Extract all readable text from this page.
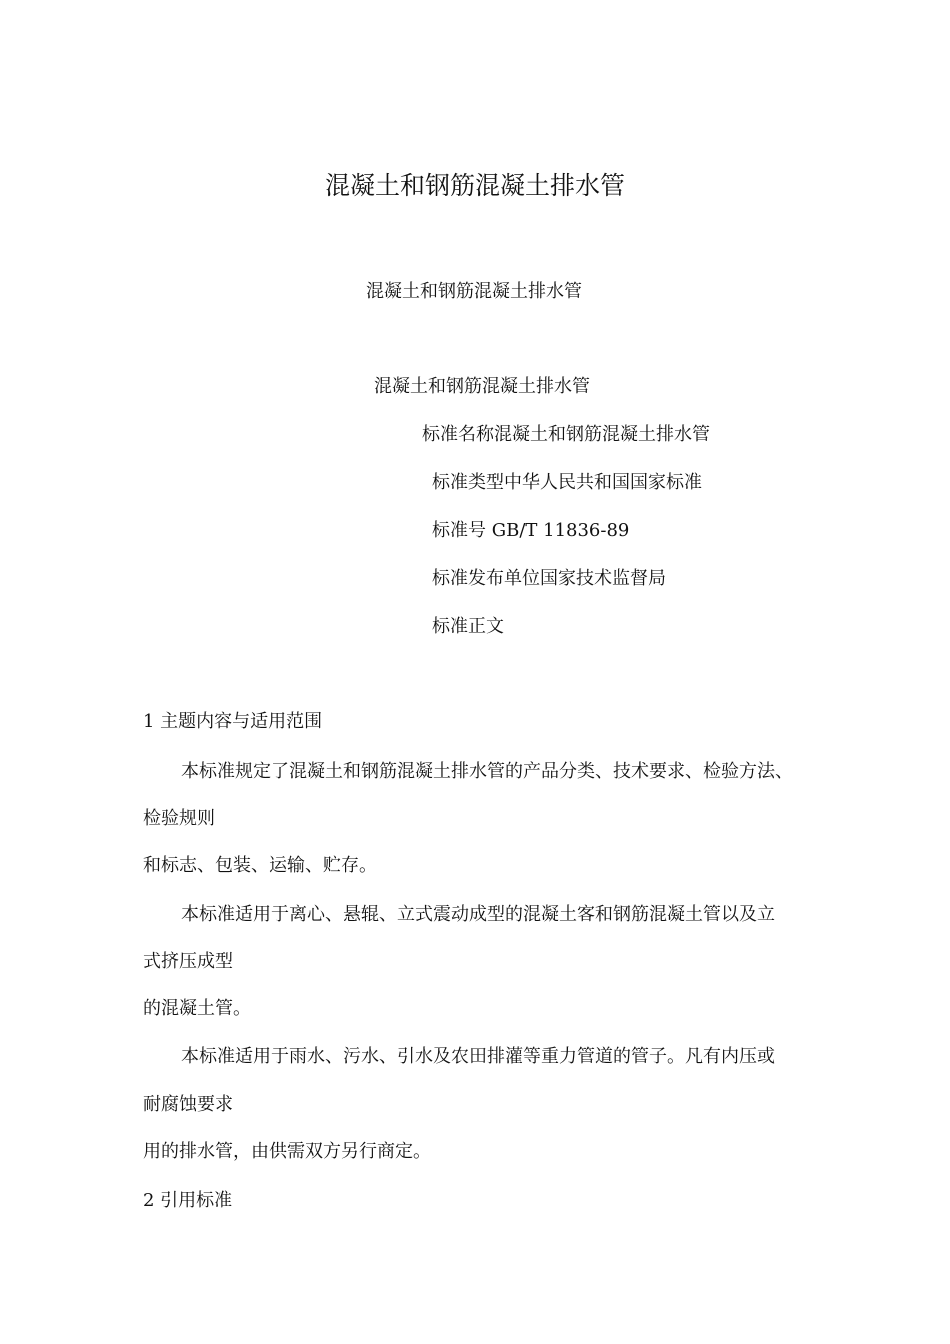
混凝土和钢筋混凝土排水管
混凝土和钢筋混凝土排水管
混凝土和钢筋混凝土排水管
标准名称混凝土和钢筋混凝土排水管
标准类型中华人民共和国国家标准
标准号 GB/T 11836-89
标准发布单位国家技术监督局
标准正文
1 主题内容与适用范围
本标准规定了混凝土和钢筋混凝土排水管的产品分类、技术要求、检验方法、
检验规则
和标志、包装、运输、贮存。
本标准适用于离心、悬辊、立式震动成型的混凝土客和钢筋混凝土管以及立
式挤压成型
的混凝土管。
本标准适用于雨水、污水、引水及农田排灌等重力管道的管子。凡有内压或
耐腐蚀要求
用的排水管，由供需双方另行商定。
2 引用标准
